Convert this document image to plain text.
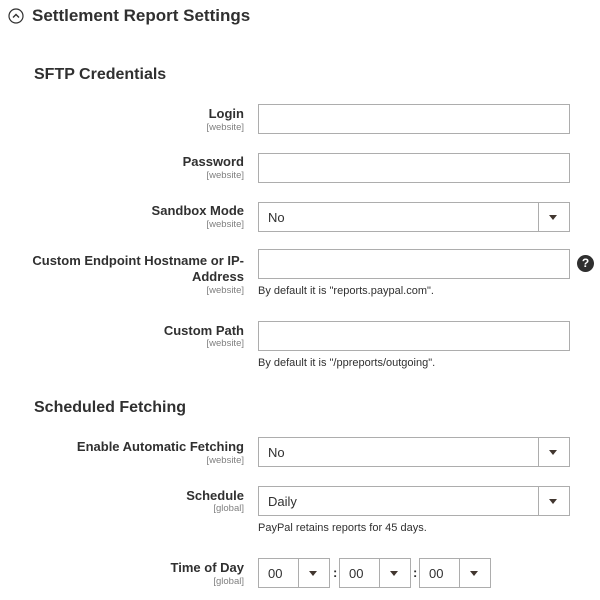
Settlement Report Settings
SFTP Credentials
Login
[website]
Password
[website]
Sandbox Mode
[website] No
Custom Endpoint Hostname or IP-
Address
[website]
?
By default it is "reports.paypal.com".
Custom Path
[website]
By default it is "/ppreports/outgoing".
Scheduled Fetching
Enable Automatic Fetching
[website]
No
Schedule
[global] Daily
PayPal retains reports for 45 days.
Time of Day
[global]
00	: 00	: 00
